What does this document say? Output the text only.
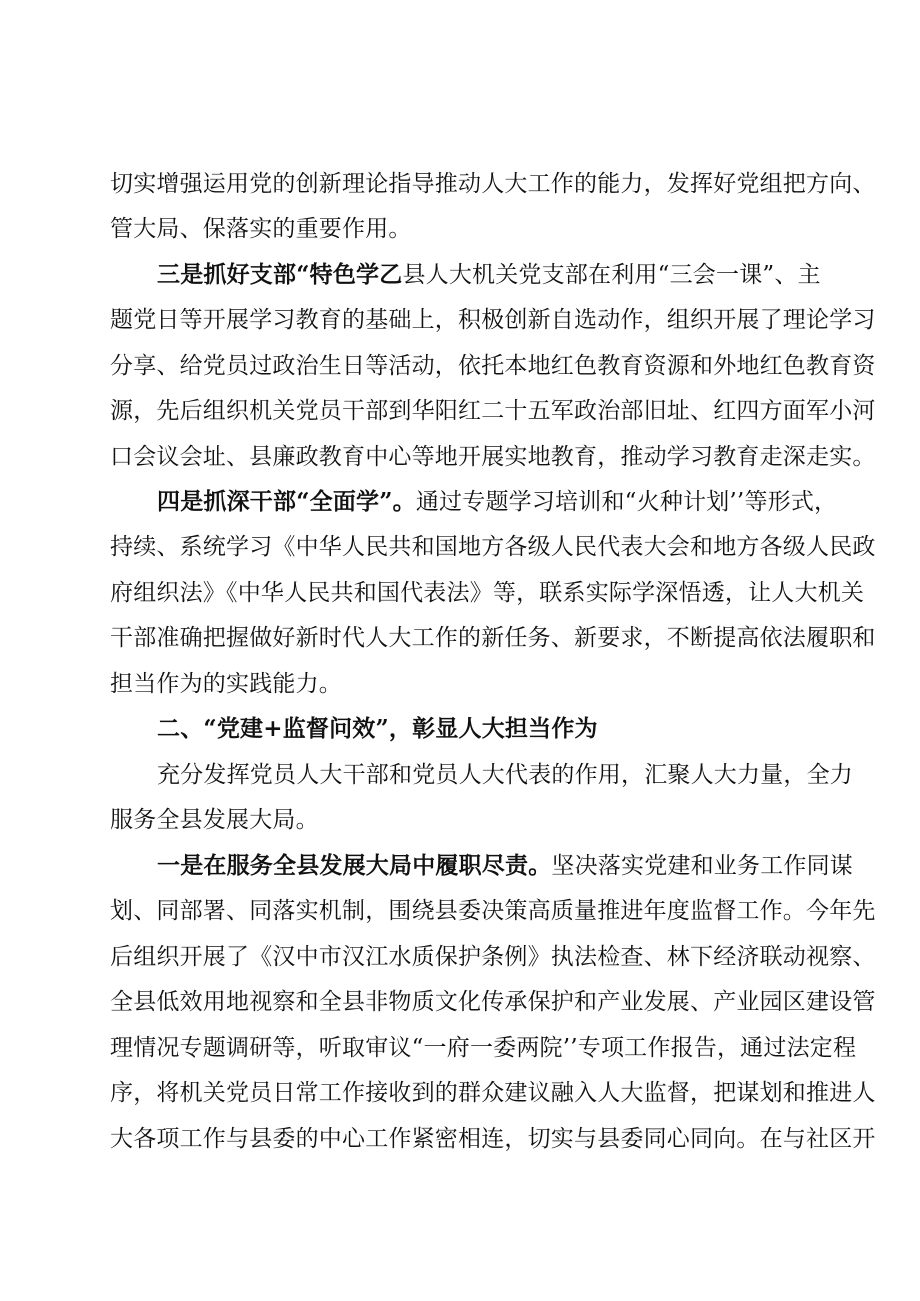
切实增强运用党的创新理论指导推动人大工作的能力，发挥好党组把方向、
管大局、保落实的重要作用。
三是抓好支部“特色学乙县人大机关党支部在利用“三会一课”、主
题党日等开展学习教育的基础上，积极创新自选动作，组织开展了理论学习
分享、给党员过政治生日等活动，依托本地红色教育资源和外地红色教育资
源，先后组织机关党员干部到华阳红二十五军政治部旧址、红四方面军小河
口会议会址、县廉政教育中心等地开展实地教育，推动学习教育走深走实。
四是抓深干部“全面学”。通过专题学习培训和“火种计划’’等形式，
持续、系统学习《中华人民共和国地方各级人民代表大会和地方各级人民政
府组织法》《中华人民共和国代表法》等，联系实际学深悟透，让人大机关
干部准确把握做好新时代人大工作的新任务、新要求，不断提高依法履职和
担当作为的实践能力。
二、“党建+监督问效”，彰显人大担当作为
充分发挥党员人大干部和党员人大代表的作用，汇聚人大力量，全力
服务全县发展大局。
一是在服务全县发展大局中履职尽责。坚决落实党建和业务工作同谋
划、同部署、同落实机制，围绕县委决策高质量推进年度监督工作。今年先
后组织开展了《汉中市汉江水质保护条例》执法检查、林下经济联动视察、
全县低效用地视察和全县非物质文化传承保护和产业发展、产业园区建设管
理情况专题调研等，听取审议“一府一委两院’’专项工作报告，通过法定程
序，将机关党员日常工作接收到的群众建议融入人大监督，把谋划和推进人
大各项工作与县委的中心工作紧密相连，切实与县委同心同向。在与社区开
